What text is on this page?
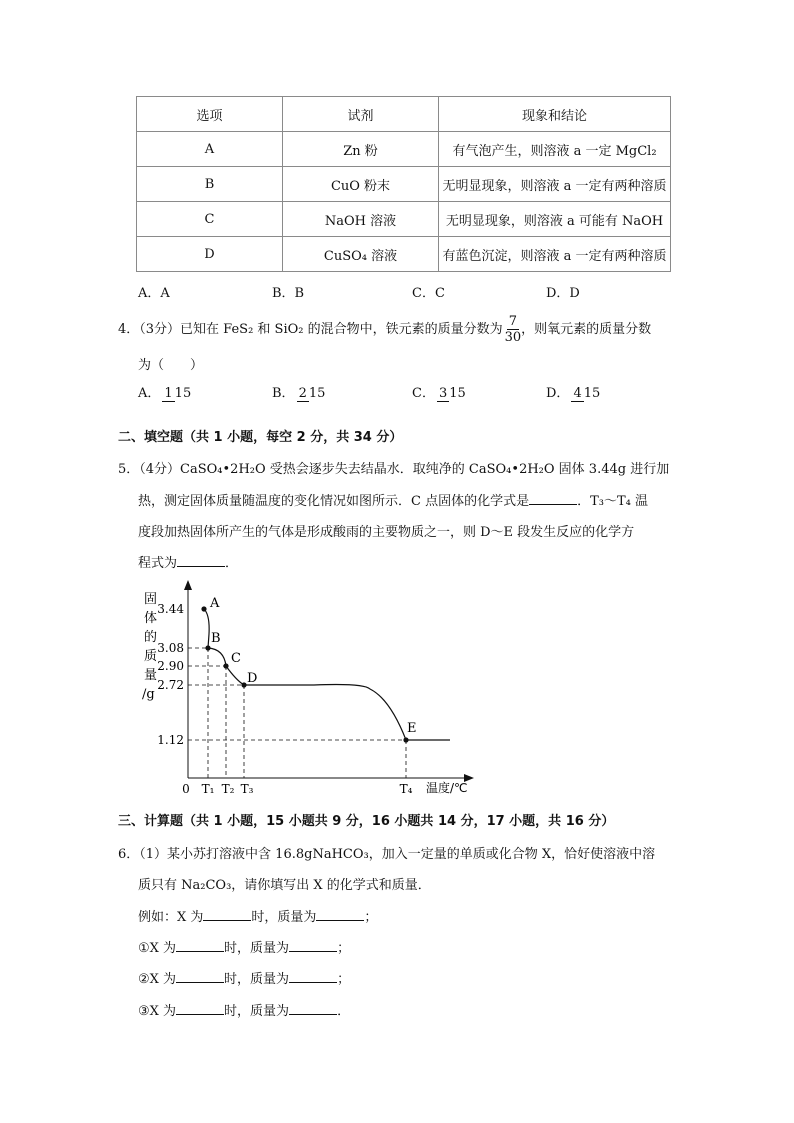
选项	试剂	现象和结论
A	Zn 粉	有气泡产生，则溶液 a 一定 MgCl₂
B	CuO 粉末	无明显现象，则溶液 a 一定有两种溶质
C	NaOH 溶液	无明显现象，则溶液 a 可能有 NaOH
D	CuSO₄ 溶液	有蓝色沉淀，则溶液 a 一定有两种溶质
A．A	B．B	C．C	D．D
4．（3分）已知在 FeS₂ 和 SiO₂ 的混合物中，铁元素的质量分数为 $\frac{7}{30}$ ，则氧元素的质量分数
为（　　）
A． 1 15	B． 2 15	C． 3 15	D． 4 15
二、填空题（共 1 小题，每空 2 分，共 34 分）
5．（4分）CaSO₄•2H₂O 受热会逐步失去结晶水．取纯净的 CaSO₄•2H₂O 固体 3.44g 进行加
热，测定固体质量随温度的变化情况如图所示．C 点固体的化学式是	．T₃～T₄ 温
度段加热固体所产生的气体是形成酸雨的主要物质之一，则 D～E 段发生反应的化学方
程式为	．
固
体
的
质
量
/g
3.44
3.08
2.90
2.72
1.12
T₁ T₂ T₃	T₄
A
B
C
D
E
0	温度/℃
三、计算题（共 1 小题，15 小题共 9 分，16 小题共 14 分，17 小题，共 16 分）
6．（1）某小苏打溶液中含 16.8gNaHCO₃，加入一定量的单质或化合物 X，恰好使溶液中溶
质只有 Na₂CO₃，请你填写出 X 的化学式和质量．
例如：X 为	时，质量为	；
①X 为	时，质量为	；
②X 为	时，质量为	；
③X 为	时，质量为	．
